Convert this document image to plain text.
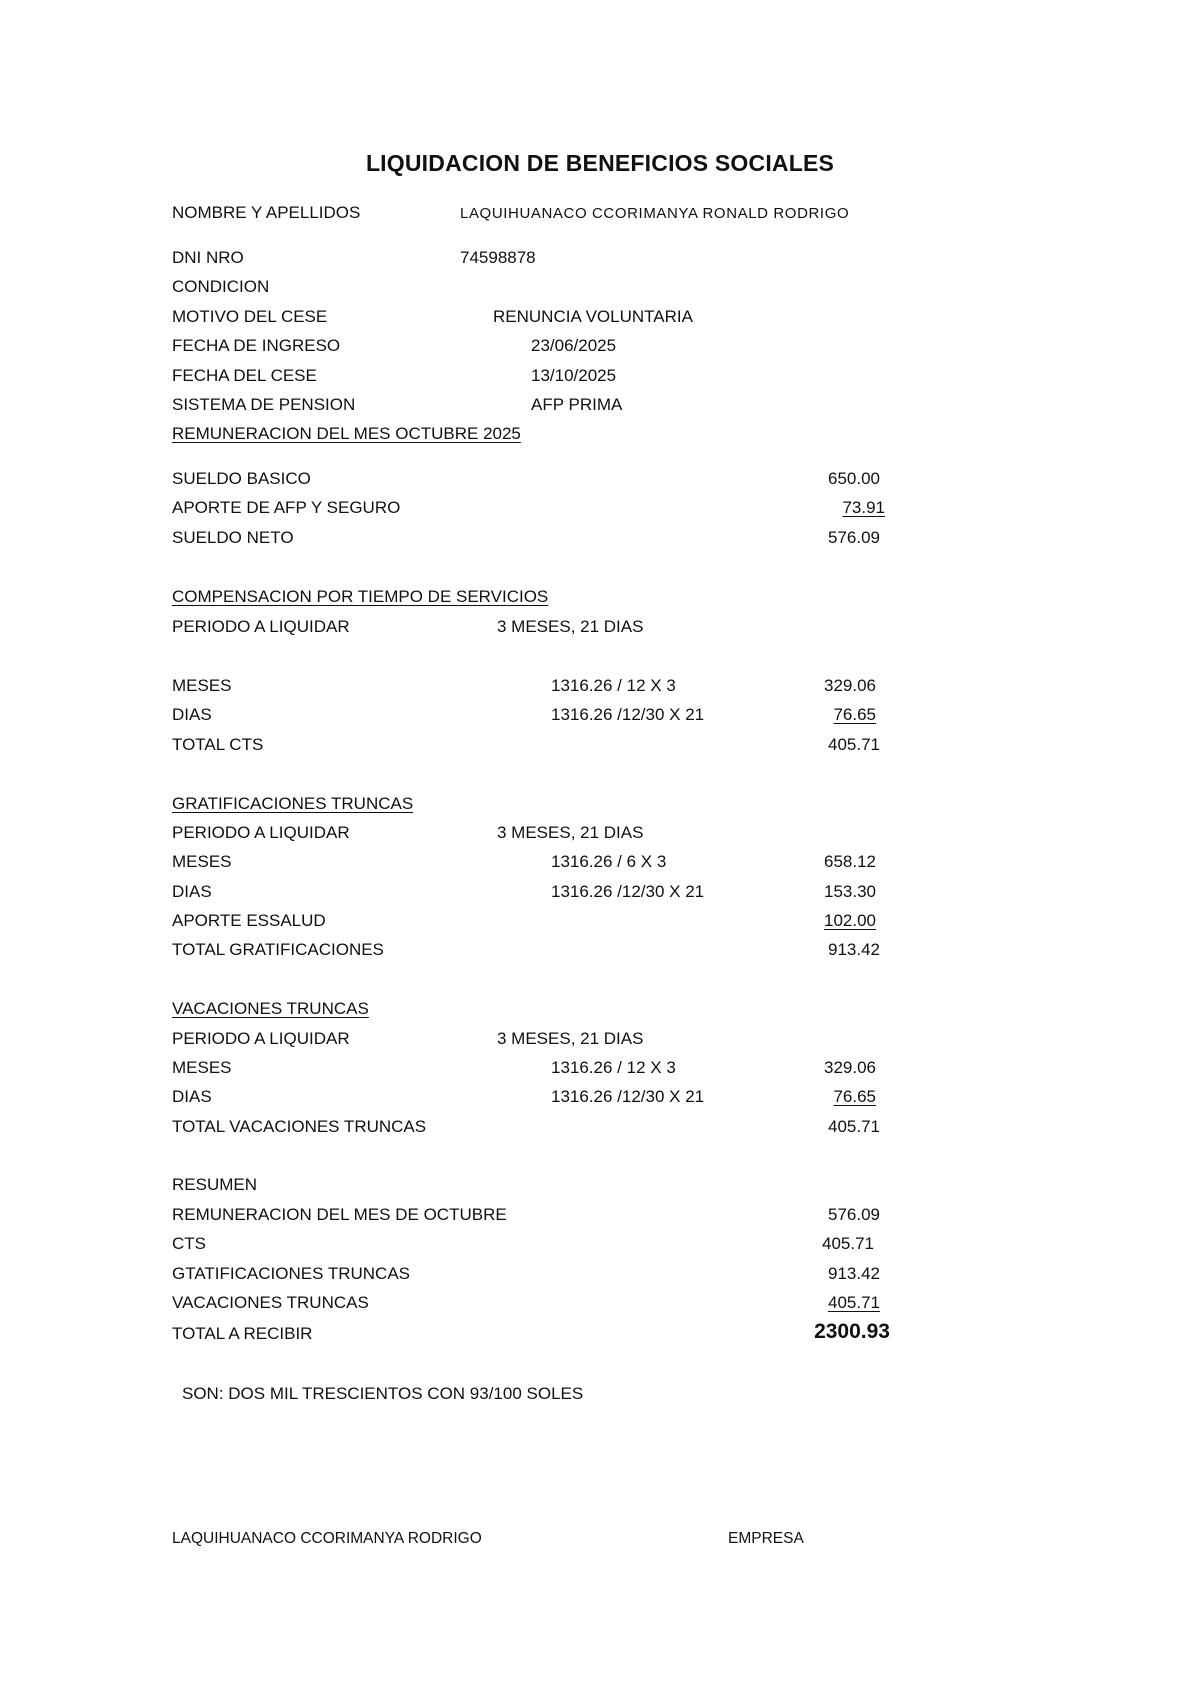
LIQUIDACION DE BENEFICIOS SOCIALES
NOMBRE Y APELLIDOS	LAQUIHUANACO CCORIMANYA RONALD RODRIGO
DNI NRO	74598878
CONDICION
MOTIVO DEL CESE	RENUNCIA VOLUNTARIA
FECHA DE INGRESO	23/06/2025
FECHA DEL CESE	13/10/2025
SISTEMA DE PENSION	AFP PRIMA
REMUNERACION DEL MES OCTUBRE 2025
SUELDO BASICO	650.00
APORTE DE AFP Y SEGURO	73.91
SUELDO NETO	576.09
COMPENSACION POR TIEMPO DE SERVICIOS
PERIODO A LIQUIDAR	3 MESES, 21 DIAS
MESES	1316.26 / 12 X 3	329.06
DIAS	1316.26 /12/30 X 21	76.65
TOTAL CTS	405.71
GRATIFICACIONES TRUNCAS
PERIODO A LIQUIDAR	3 MESES, 21 DIAS
MESES	1316.26 / 6 X 3	658.12
DIAS	1316.26 /12/30 X 21	153.30
APORTE ESSALUD	102.00
TOTAL GRATIFICACIONES	913.42
VACACIONES TRUNCAS
PERIODO A LIQUIDAR	3 MESES, 21 DIAS
MESES	1316.26 / 12 X 3	329.06
DIAS	1316.26 /12/30 X 21	76.65
TOTAL VACACIONES TRUNCAS	405.71
RESUMEN
REMUNERACION DEL MES DE OCTUBRE	576.09
CTS	405.71
GTATIFICACIONES TRUNCAS	913.42
VACACIONES TRUNCAS	405.71
TOTAL A RECIBIR	2300.93
SON: DOS MIL TRESCIENTOS CON 93/100 SOLES
LAQUIHUANACO CCORIMANYA RODRIGO	EMPRESA
